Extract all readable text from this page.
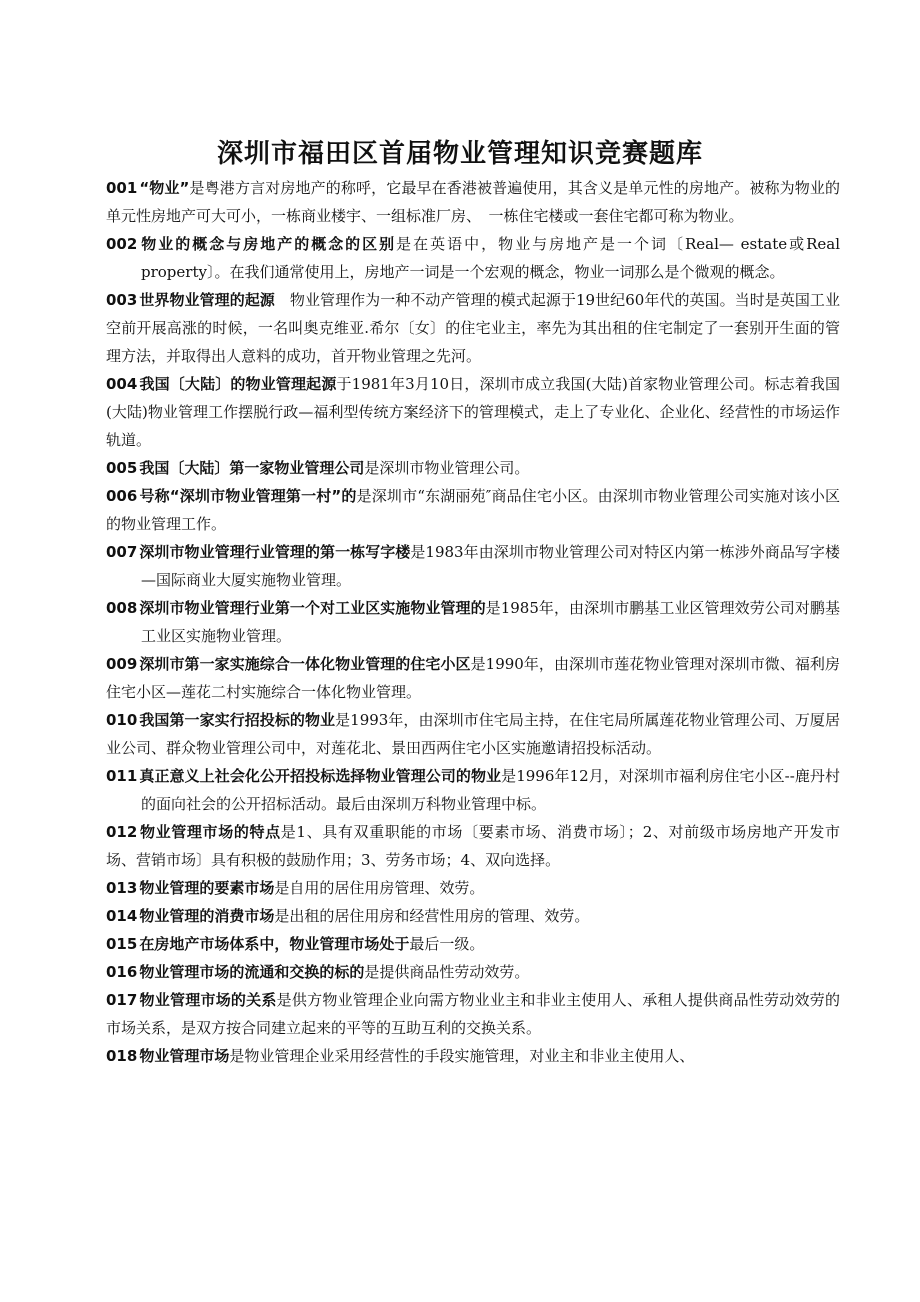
深圳市福田区首届物业管理知识竞赛题库

001 “物业”是粤港方言对房地产的称呼，它最早在香港被普遍使用，其含义是单元性的房地产。被称为物业的单元性房地产可大可小，一栋商业楼宇、一组标准厂房、　一栋住宅楼或一套住宅都可称为物业。

002 物业的概念与房地产的概念的区别是在英语中，物业与房地产是一个词〔Real— estate或Real property〕。在我们通常使用上，房地产一词是一个宏观的概念，物业一词那么是个微观的概念。

003 世界物业管理的起源　物业管理作为一种不动产管理的模式起源于19世纪60年代的英国。当时是英国工业空前开展高涨的时候，一名叫奥克维亚.希尔〔女〕的住宅业主，率先为其出租的住宅制定了一套别开生面的管理方法，并取得出人意料的成功，首开物业管理之先河。

004 我国〔大陆〕的物业管理起源于1981年3月10日，深圳市成立我国(大陆)首家物业管理公司。标志着我国(大陆)物业管理工作摆脱行政—福利型传统方案经济下的管理模式，走上了专业化、企业化、经营性的市场运作轨道。

005 我国〔大陆〕第一家物业管理公司是深圳市物业管理公司。

006 号称“深圳市物业管理第一村”的是深圳市“东湖丽苑″商品住宅小区。由深圳市物业管理公司实施对该小区的物业管理工作。

007 深圳市物业管理行业管理的第一栋写字楼是1983年由深圳市物业管理公司对特区内第一栋涉外商品写字楼—国际商业大厦实施物业管理。

008 深圳市物业管理行业第一个对工业区实施物业管理的是1985年，由深圳市鹏基工业区管理效劳公司对鹏基工业区实施物业管理。

009 深圳市第一家实施综合一体化物业管理的住宅小区是1990年，由深圳市莲花物业管理对深圳市微、福利房住宅小区—莲花二村实施综合一体化物业管理。

010 我国第一家实行招投标的物业是1993年，由深圳市住宅局主持，在住宅局所属莲花物业管理公司、万厦居业公司、群众物业管理公司中，对莲花北、景田西两住宅小区实施邀请招投标活动。

011 真正意义上社会化公开招投标选择物业管理公司的物业是1996年12月，对深圳市福利房住宅小区--鹿丹村的面向社会的公开招标活动。最后由深圳万科物业管理中标。

012 物业管理市场的特点是1、具有双重职能的市场〔要素市场、消费市场〕；2、对前级市场房地产开发市场、营销市场〕具有积极的鼓励作用；3、劳务市场；4、双向选择。

013 物业管理的要素市场是自用的居住用房管理、效劳。

014 物业管理的消费市场是出租的居住用房和经营性用房的管理、效劳。

015 在房地产市场体系中，物业管理市场处于最后一级。

016 物业管理市场的流通和交换的标的是提供商品性劳动效劳。

017 物业管理市场的关系是供方物业管理企业向需方物业业主和非业主使用人、承租人提供商品性劳动效劳的市场关系，是双方按合同建立起来的平等的互助互利的交换关系。

018 物业管理市场是物业管理企业采用经营性的手段实施管理，对业主和非业主使用人、
